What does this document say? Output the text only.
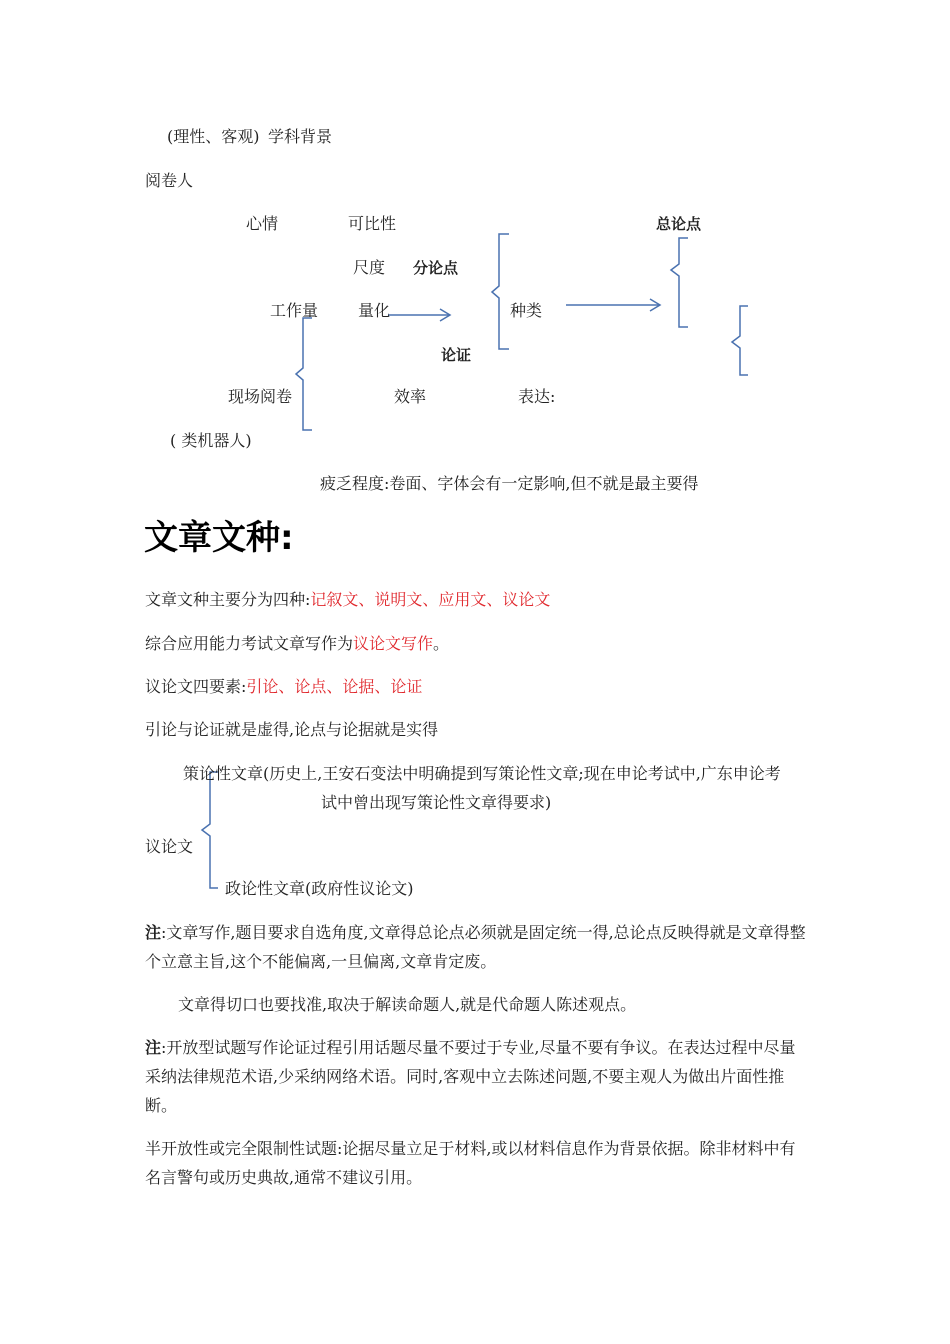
(理性、客观) 学科背景
阅卷人
心情	可比性	总论点
尺度 分论点
工作量 量化	种类
论证
现场阅卷	效率	表达:
( 类机器人)
疲乏程度:卷面、字体会有一定影响,但不就是最主要得
文章文种:
文章文种主要分为四种:记叙文、说明文、应用文、议论文
综合应用能力考试文章写作为议论文写作。
议论文四要素:引论、论点、论据、论证
引论与论证就是虚得,论点与论据就是实得
策论性文章(历史上,王安石变法中明确提到写策论性文章;现在申论考试中,广东申论考
试中曾出现写策论性文章得要求)
议论文
政论性文章(政府性议论文)
注:文章写作,题目要求自选角度,文章得总论点必须就是固定统一得,总论点反映得就是文章得整个立意主旨,这个不能偏离,一旦偏离,文章肯定废。
文章得切口也要找准,取决于解读命题人,就是代命题人陈述观点。
注:开放型试题写作论证过程引用话题尽量不要过于专业,尽量不要有争议。在表达过程中尽量采纳法律规范术语,少采纳网络术语。同时,客观中立去陈述问题,不要主观人为做出片面性推断。
半开放性或完全限制性试题:论据尽量立足于材料,或以材料信息作为背景依据。除非材料中有名言警句或历史典故,通常不建议引用。
